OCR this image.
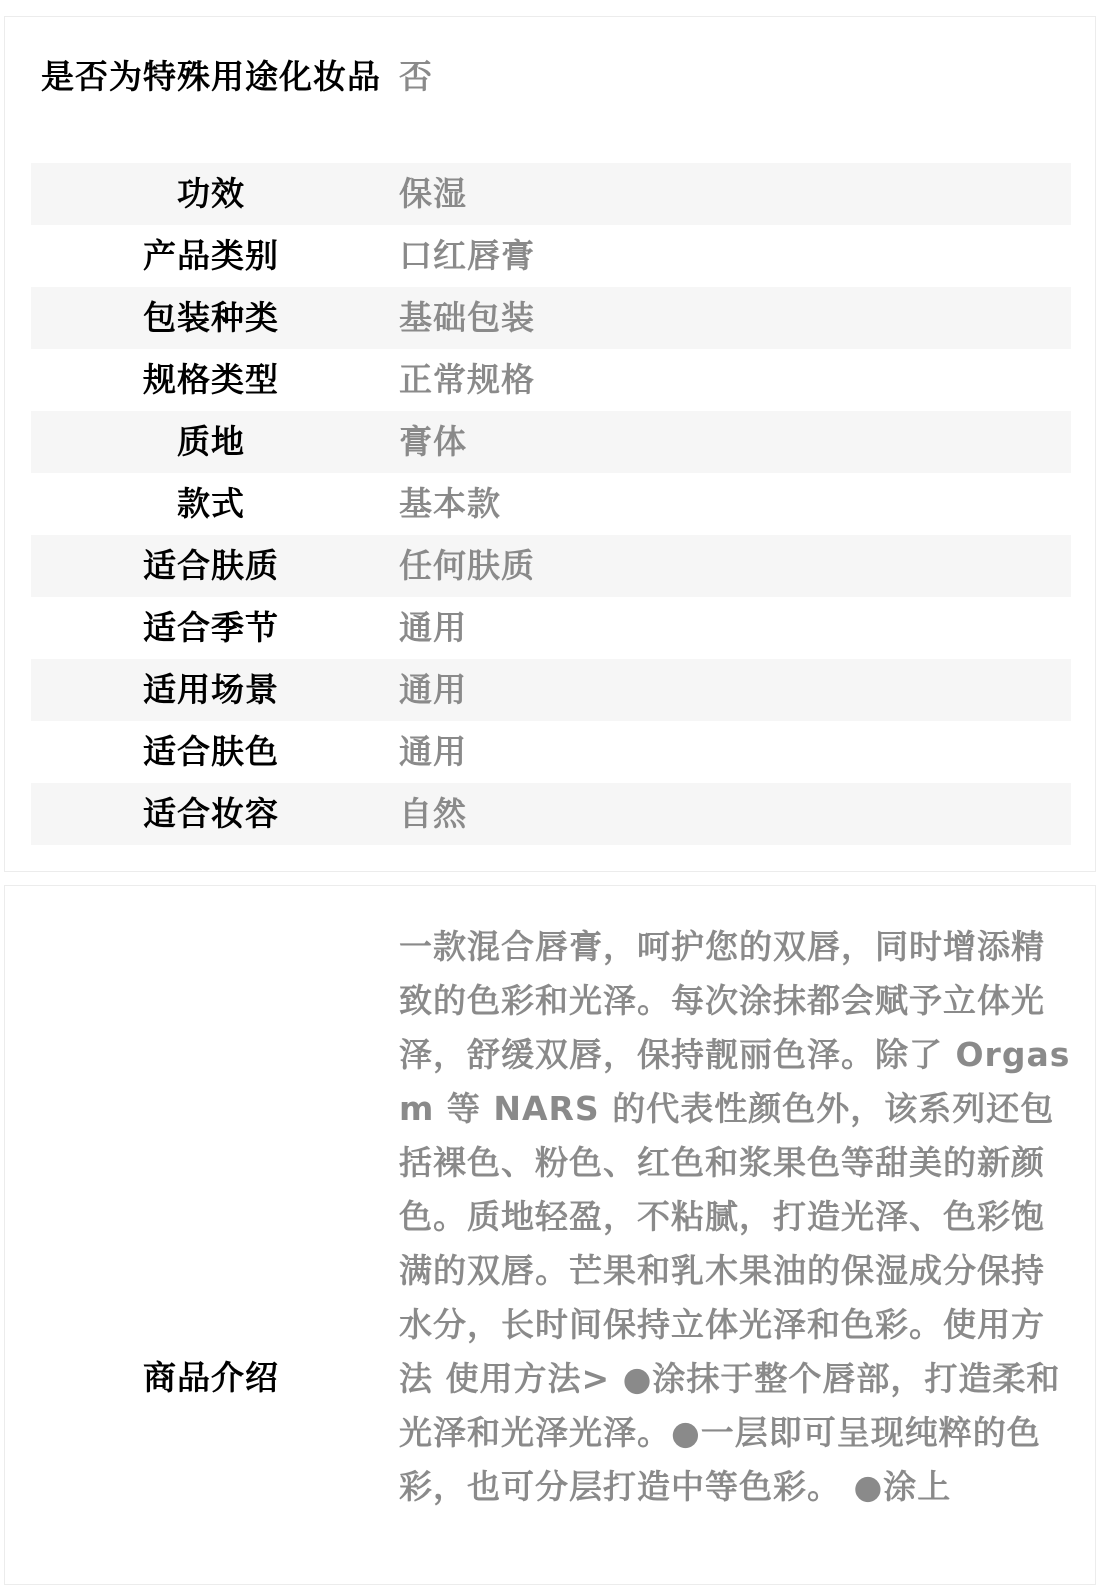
是否为特殊用途化妆品 否
功效	保湿
产品类别	口红唇膏
包装种类	基础包装
规格类型	正常规格
质地	膏体
款式	基本款
适合肤质	任何肤质
适合季节	通用
适用场景	通用
适合肤色	通用
适合妆容	自然
商品介绍
一款混合唇膏，呵护您的双唇，同时增添精致的色彩和光泽。每次涂抹都会赋予立体光泽，舒缓双唇，保持靓丽色泽。除了 Orgasm 等 NARS 的代表性颜色外，该系列还包括裸色、粉色、红色和浆果色等甜美的新颜色。质地轻盈，不粘腻，打造光泽、色彩饱满的双唇。芒果和乳木果油的保湿成分保持水分，长时间保持立体光泽和色彩。使用方法 使用方法> ●涂抹于整个唇部，打造柔和光泽和光泽光泽。●一层即可呈现纯粹的色彩，也可分层打造中等色彩。 ●涂上
